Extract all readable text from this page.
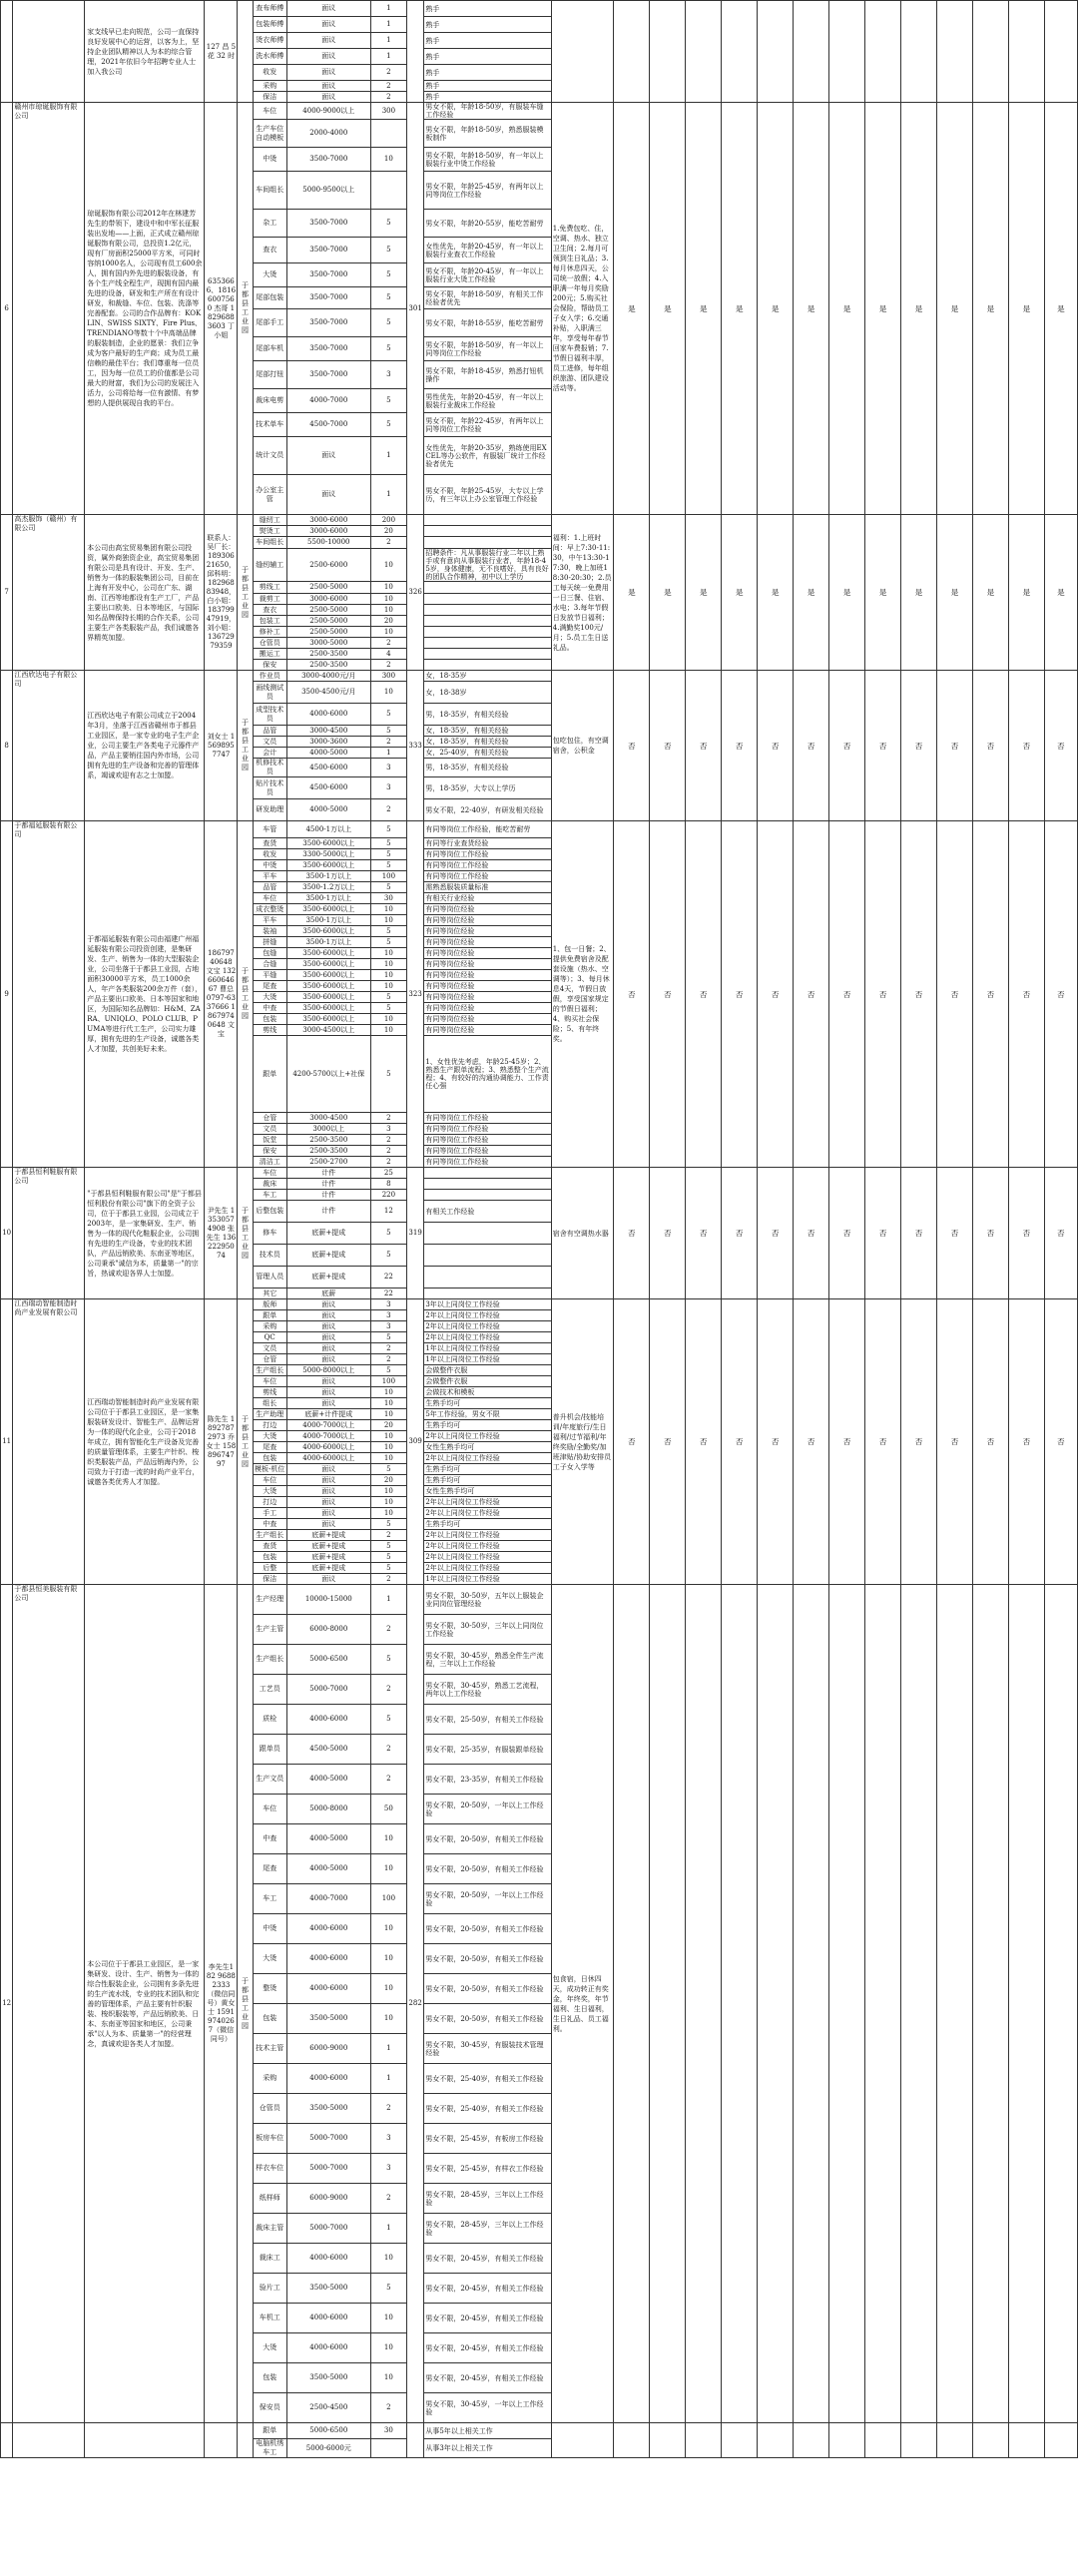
		家支线早已走向规范，公司一直保持良好发展中心的运营，以客为上，坚持企业团队精神以人为本的综合管理，2021年依旧今年招聘专业人士加入我公司	127 昌 5 花 32 时		查布师傅	面议	1		熟手														
					包装师傅	面议	1		熟手														
					烫衣师傅	面议	1		熟手														
					洗水师傅	面议	1		熟手														
					收发	面议	2		熟手														
					采购	面议	2		熟手														
					保洁	面议	2		熟手														
6	赣州市琼诞服饰有限公司	琼诞服饰有限公司2012年在林建芳先生的带领下，建设中和中军长征服装出发地——上面，正式成立赣州琼诞服饰有限公司，总投资1.2亿元，现有厂房面积25000平方米，可同时容纳1000名人，公司现有员工600余人，拥有国内外先进的服装设备，有各个生产线全程生产，现拥有国内最先进的设备，研发和生产所在有设计研发，和裁缝、车位、包装、洗涤等完善配套。公司的合作品牌有：KOKLIN、SWISS SIXTY、Fire Plus、TRENDIANO等数十个中高端品牌的服装制造，企业的愿景：我们立争成为客户最好的生产商；成为员工最信赖的最佳平台；我们尊重每一位员工，因为每一位员工的价值都是公司最大的财富，我们为公司的发展注入活力，公司将给每一位有激情、有梦想的人提供展现自我的平台。	6353666、18166007560 杰哥 18296883603 丁小姐	于都县工业园	车位	4000-9000以上	300	301	男女不限，年龄18-50岁，有服装车缝工作经验	1.免费包吃、住，空调、热水、独立卫生间；2.每月可领到生日礼品；3.每月休息四天，公司统一放假；4.入职满一年每月奖励200元；5.购买社会保险，帮助员工子女入学；6.交通补贴，入职满三年，享受每年春节回家车费报销；7.节假日福利丰厚，员工进修，每年组织旅游、团队建设活动等。	是	是	是	是	是	是	是	是	是	是	是	是	是
					生产车位自动模板	2000-4000			男女不限，年龄18-50岁，熟悉服装模板制作														
					中烫	3500-7000	10		男女不限，年龄18-50岁，有一年以上服装行业中烫工作经验														
					车间组长	5000-9500以上			男女不限，年龄25-45岁，有两年以上同等岗位工作经验														
					杂工	3500-7000	5		男女不限，年龄20-55岁，能吃苦耐劳														
					查衣	3500-7000	5		女性优先，年龄20-45岁，有一年以上服装行业查衣工作经验														
					大烫	3500-7000	5		男女不限，年龄20-45岁，有一年以上服装行业大烫工作经验														
					尾部包装	3500-7000	5		男女不限，年龄18-50岁，有相关工作经验者优先														
					尾部手工	3500-7000	5		男女不限，年龄18-55岁，能吃苦耐劳														
					尾部车机	3500-7000	5		男女不限，年龄18-50岁，有一年以上同等岗位工作经验														
					尾部打钮	3500-7000	3		男女不限，年龄18-45岁，熟悉打钮机操作														
					裁床电剪	4000-7000	5		男性优先，年龄20-45岁，有一年以上服装行业裁床工作经验														
					技术单车	4500-7000	5		男女不限，年龄22-45岁，有两年以上同等岗位工作经验														
					统计文员	面议	1		女性优先，年龄20-35岁，熟练使用EXCEL等办公软件，有服装厂统计工作经验者优先														
					办公室主管	面议	1		男女不限，年龄25-45岁，大专以上学历，有三年以上办公室管理工作经验														
7	高杰服饰（赣州）有限公司	本公司由高宝贸易集团有限公司投资，属外商独资企业，高宝贸易集团有限公司是具有设计、开发、生产、销售为一体的服装集团公司，目前在上海有开发中心，公司在广东、湖南、江西等地都设有生产工厂，产品主要出口欧美、日本等地区，与国际知名品牌保持长期的合作关系，公司主要生产各类服装产品，我们诚邀各界精英加盟。	联系人：吴厂长：18930621650，邱科明：18296883948，白小姐：18379947919，刘小姐：13672979359	于都县工业园	缝纫工	3000-6000	200	326		福利：1.上班时间：早上7:30-11:30，中午13:30-17:30，晚上加班18:30-20:30；2.员工每天统一免费用一日三餐、住宿、水电；3.每年节假日发放节日福利；4.满勤奖100元/月；5.员工生日送礼品。	是	是	是	是	是	是	是	是	是	是	是	是	是
					熨烫工	3000-6000	20																
					车间组长	5500-10000	2																
					缝纫辅工	2500-6000	10		招聘条件：凡从事服装行业二年以上熟手或有意向从事服装行业者，年龄18-45岁，身体健康，无不良嗜好，具有良好的团队合作精神，初中以上学历														
					剪线工	2500-5000	10																
					裁剪工	3000-6000	10																
					查衣	2500-5000	10																
					包装工	2500-5000	20																
					修补工	2500-5000	10																
					仓管员	3000-5000	2																
					搬运工	2500-3500	4																
					保安	2500-3500	2																
8	江西欣达电子有限公司	江西欣达电子有限公司成立于2004年3月，坐落于江西省赣州市于都县工业园区，是一家专业的电子生产企业，公司主要生产各类电子元器件产品，产品主要销往国内外市场，公司拥有先进的生产设备和完善的管理体系，竭诚欢迎有志之士加盟。	刘女士 15698957747	于都县工业园	作业员	3000-4000元/月	300	333	女，18-35岁	包吃包住，有空调宿舍，公积金	否	否	否	否	否	否	否	否	否	否	否	否	否
					画线测试员	3500-4500元/月	10		女，18-38岁														
					成型技术员	4000-6000	5		男，18-35岁，有相关经验														
					品管	3000-4500	5		女，18-35岁，有相关经验														
					文员	3000-3600	2		女，18-35岁，有相关经验														
					会计	4000-5000	1		女，25-40岁，有相关经验														
					机修技术员	4500-6000	3		男，18-35岁，有相关经验														
					贴片技术员	4500-6000	3		男，18-35岁，大专以上学历														
					研发助理	4000-5000	2		男女不限，22-40岁，有研发相关经验														
9	于都福延服装有限公司	于都福延服装有限公司由福建广州福延服装有限公司投资创建，是集研发、生产、销售为一体的大型服装企业，公司坐落于于都县工业园，占地面积30000平方米，员工1000余人，年产各类服装200余万件（套），产品主要出口欧美、日本等国家和地区，为国际知名品牌如：H&M、ZARA、UNIQLO、POLO CLUB、PUMA等进行代工生产，公司实力雄厚，拥有先进的生产设备，诚邀各类人才加盟，共创美好未来。	18679740648 文宝 13266064667 曹总 0797-6337666 18679740648 文宝	于都县工业园	车管	4500-1万以上	5	323	有同等岗位工作经验，能吃苦耐劳	1、包一日餐；2、提供免费宿舍及配套设施（热水、空调等）；3、每月休息4天，节假日放假，享受国家规定的节假日福利；4、购买社会保险；5、有年终奖。	否	否	否	否	否	否	否	否	否	否	否	否	否
					查货	3500-6000以上	5		有同等行业查货经验														
					收发	3300-5000以上	5		有同等岗位工作经验														
					中烫	3500-6000以上	5		有同等岗位工作经验														
					平车	3500-1万以上	100		有同等岗位工作经验														
					品管	3500-1.2万以上	5		需熟悉服装质量标准														
					车位	3500-1万以上	30		有相关行业经验														
					成衣整烫	3500-6000以上	10		有同等岗位经验														
					平车	3500-1万以上	10		有同等岗位经验														
					装袖	3500-6000以上	5		有同等岗位经验														
					拼缝	3500-1万以上	5		有同等岗位经验														
					包缝	3500-6000以上	10		有同等岗位经验														
					合缝	3500-6000以上	10		有同等岗位经验														
					平缝	3500-6000以上	10		有同等岗位经验														
					尾查	3500-6000以上	10		有同等岗位经验														
					大烫	3500-6000以上	5		有同等岗位经验														
					中查	3500-6000以上	5		有同等岗位经验														
					包装	3500-6000以上	10		有同等岗位经验														
					剪线	3000-4500以上	10		有同等岗位经验														
					跟单	4200-5700以上+社保	5		1、女性优先考虑，年龄25-45岁；2、熟悉生产跟单流程；3、熟悉整个生产流程；4、有较好的沟通协调能力、工作责任心强														
					仓管	3000-4500	2		有同等岗位工作经验														
					文员	3000以上	3		有同等岗位工作经验														
					饭堂	2500-3500	2		有同等岗位工作经验														
					保安	2500-3500	2		有同等岗位工作经验														
					清洁工	2500-2700	2		有同等岗位工作经验														
10	于都县恒利鞋服有限公司	"于都县恒利鞋服有限公司"是"于都县恒利股份有限公司"旗下的全资子公司，位于于都县工业园，公司成立于2003年，是一家集研发、生产、销售为一体的现代化鞋服企业，公司拥有先进的生产设备，专业的技术团队，产品远销欧美、东南亚等地区，公司秉承"诚信为本，质量第一"的宗旨，热诚欢迎各界人士加盟。	尹先生 13530574908 张先生 13622295074	于都县工业园	车位	计件	25	319		宿舍有空调热水器	否	否	否	否	否	否	否	否	否	否	否	否	否
					裁床	计件	8																
					车工	计件	220																
					后整包装	计件	12		有相关工作经验														
					修车	底薪+提成	5																
					技术员	底薪+提成	5																
					管理人员	底薪+提成	22																
					其它	底薪	22																
11	江西瑞动智能制造时尚产业发展有限公司	江西瑞动智能制造时尚产业发展有限公司位于于都县工业园区，是一家集服装研发设计、智能生产、品牌运营为一体的现代化企业，公司于2018年成立，拥有智能化生产设备及完善的质量管理体系，主要生产针织、梭织类服装产品，产品远销海内外，公司致力于打造一流的时尚产业平台，诚邀各类优秀人才加盟。	陈先生 18927872973 乔女士 15889674797	于都县工业园	版师	面议	3	309	3年以上同岗位工作经验	普升机会/技能培训/年度旅行/生日福利/过节福利/年终奖励/全勤奖/加班津贴/协助安排员工子女入学等	否	否	否	否	否	否	否	否	否	否	否	否	否
					跟单	面议	3		2年以上同岗位工作经验														
					采购	面议	3		2年以上同岗位工作经验														
					QC	面议	5		2年以上同岗位工作经验														
					文员	面议	2		1年以上同岗位工作经验														
					仓管	面议	2		1年以上同岗位工作经验														
					生产组长	5000-8000以上	5		会做整件衣服														
					车位	面议	100		会做整件衣服														
					剪线	面议	10		会做技术和模板														
					组长	面议	10		生熟手均可														
					生产助理	底薪+计件提成	10		5年工作经验，男女不限														
					打边	4000-7000以上	20		生熟手均可														
					大烫	4000-7000以上	10		2年以上同岗位工作经验														
					尾查	4000-6000以上	10		女性生熟手均可														
					包装	4000-6000以上	10		2年以上同岗位工作经验														
					模板-机位	面议	5		生熟手均可														
					车位	面议	20		生熟手均可														
					大烫	面议	10		女性生熟手均可														
					打边	面议	10		2年以上同岗位工作经验														
					手工	面议	10		2年以上同岗位工作经验														
					中查	面议	5		生熟手均可														
					生产组长	底薪+提成	2		2年以上同岗位工作经验														
					查货	底薪+提成	5		2年以上同岗位工作经验														
					包装	底薪+提成	5		2年以上同岗位工作经验														
					后整	底薪+提成	5		2年以上同岗位工作经验														
					保洁	面议	2		1年以上同岗位工作经验														
12	于都县恒美服装有限公司	本公司位于于都县工业园区，是一家集研发、设计、生产、销售为一体的综合性服装企业，公司拥有多条先进的生产流水线，专业的技术团队和完善的管理体系，产品主要有针织服装、梭织服装等，产品远销欧美、日本、东南亚等国家和地区，公司秉承"以人为本、质量第一"的经营理念，真诚欢迎各类人才加盟。	李先生182 9688 2333（微信同号）黄女士 15919740267（微信同号）	于都县工业园	生产经理	10000-15000	1	282	男女不限，30-50岁，五年以上服装企业同岗位管理经验	包食宿，日休四天，成功转正有奖金，年终奖，年节福利、生日福利，生日礼品、员工福利。													
					生产主管	6000-8000	2		男女不限，30-50岁，三年以上同岗位工作经验														
					生产组长	5000-6500	5		男女不限，30-45岁，熟悉全件生产流程，三年以上工作经验														
					工艺员	5000-7000	2		男女不限，30-45岁，熟悉工艺流程，两年以上工作经验														
					质检	4000-6000	5		男女不限，25-50岁，有相关工作经验														
					跟单员	4500-5000	2		男女不限，25-35岁，有服装跟单经验														
					生产文员	4000-5000	2		男女不限，23-35岁，有相关工作经验														
					车位	5000-8000	50		男女不限，20-50岁，一年以上工作经验														
					中查	4000-5000	10		男女不限，20-50岁，有相关工作经验														
					尾查	4000-5000	10		男女不限，20-50岁，有相关工作经验														
					车工	4000-7000	100		男女不限，20-50岁，一年以上工作经验														
					中烫	4000-6000	10		男女不限，20-50岁，有相关工作经验														
					大烫	4000-6000	10		男女不限，20-50岁，有相关工作经验														
					整烫	4000-6000	10		男女不限，20-50岁，有相关工作经验														
					包装	3500-5000	10		男女不限，20-50岁，有相关工作经验														
					技术主管	6000-9000	1		男女不限，30-45岁，有服装技术管理经验														
					采购	4000-6000	1		男女不限，25-40岁，有相关工作经验														
					仓管员	3500-5000	2		男女不限，25-40岁，有相关工作经验														
					板房车位	5000-7000	3		男女不限，25-45岁，有板房工作经验														
					样衣车位	5000-7000	3		男女不限，25-45岁，有样衣工作经验														
					纸样师	6000-9000	2		男女不限，28-45岁，三年以上工作经验														
					裁床主管	5000-7000	1		男女不限，28-45岁，三年以上工作经验														
					裁床工	4000-6000	10		男女不限，20-45岁，有相关工作经验														
					验片工	3500-5000	5		男女不限，20-45岁，有相关工作经验														
					车机工	4000-6000	10		男女不限，20-45岁，有相关工作经验														
					大烫	4000-6000	10		男女不限，20-45岁，有相关工作经验														
					包装	3500-5000	10		男女不限，20-45岁，有相关工作经验														
					保安员	2500-4500	2		男女不限，30-45岁，一年以上工作经验														
					跟单	5000-6500	30		从事5年以上相关工作														
					电脑机绣车工	5000-6000元			从事3年以上相关工作														
